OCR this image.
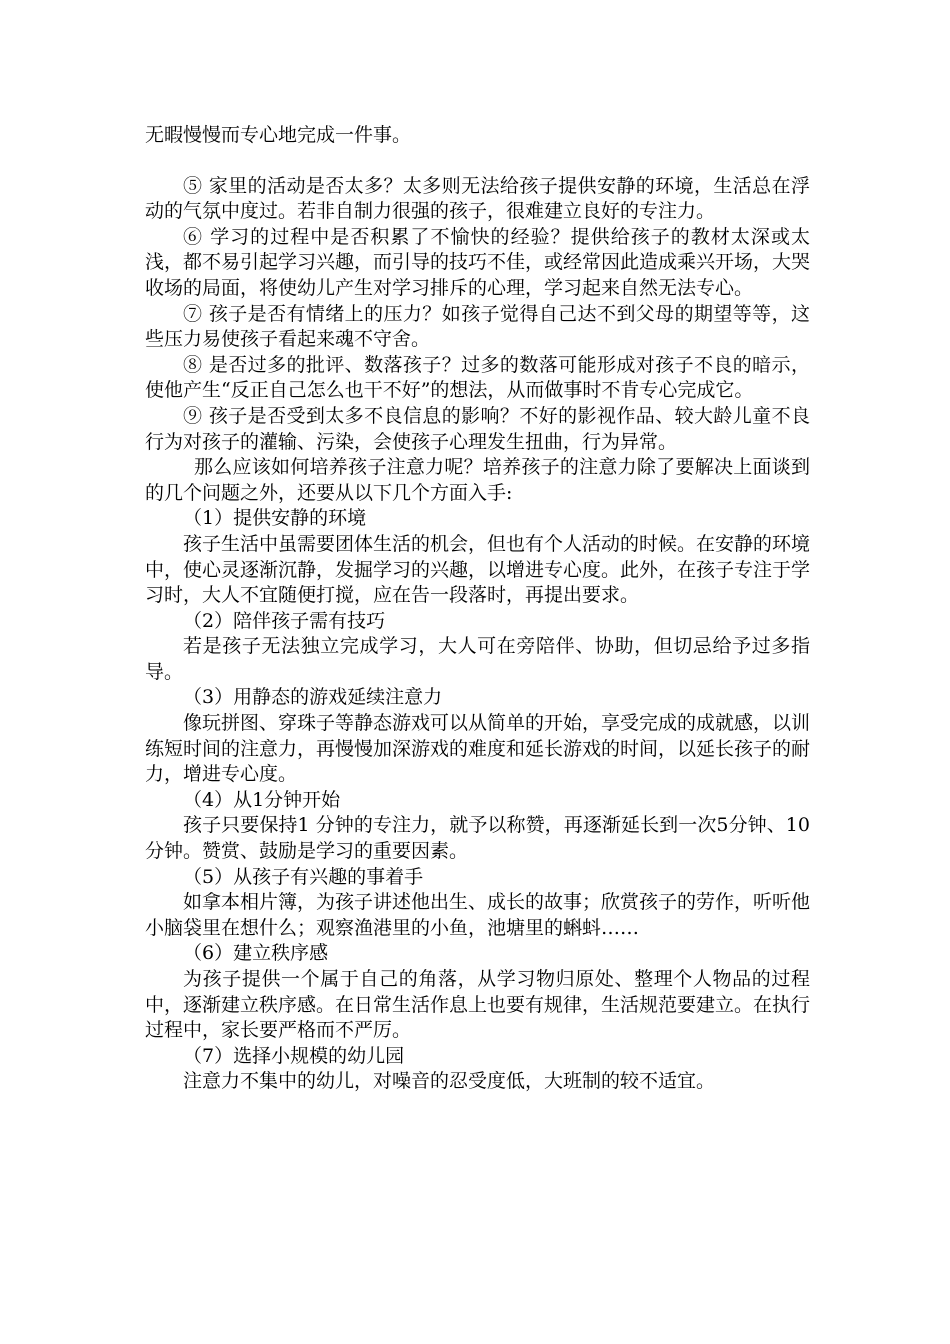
无暇慢慢而专心地完成一件事。

⑤ 家里的活动是否太多？太多则无法给孩子提供安静的环境，生活总在浮动的气氛中度过。若非自制力很强的孩子，很难建立良好的专注力。

⑥ 学习的过程中是否积累了不愉快的经验？提供给孩子的教材太深或太浅，都不易引起学习兴趣，而引导的技巧不佳，或经常因此造成乘兴开场，大哭收场的局面，将使幼儿产生对学习排斥的心理，学习起来自然无法专心。

⑦ 孩子是否有情绪上的压力？如孩子觉得自己达不到父母的期望等等，这些压力易使孩子看起来魂不守舍。

⑧ 是否过多的批评、数落孩子？过多的数落可能形成对孩子不良的暗示，使他产生“反正自己怎么也干不好”的想法，从而做事时不肯专心完成它。

⑨ 孩子是否受到太多不良信息的影响？不好的影视作品、较大龄儿童不良行为对孩子的灌输、污染，会使孩子心理发生扭曲，行为异常。

那么应该如何培养孩子注意力呢？培养孩子的注意力除了要解决上面谈到的几个问题之外，还要从以下几个方面入手:

（1）提供安静的环境

孩子生活中虽需要团体生活的机会，但也有个人活动的时候。在安静的环境中，使心灵逐渐沉静，发掘学习的兴趣，以增进专心度。此外，在孩子专注于学习时，大人不宜随便打搅，应在告一段落时，再提出要求。

（2）陪伴孩子需有技巧

若是孩子无法独立完成学习，大人可在旁陪伴、协助，但切忌给予过多指导。

（3）用静态的游戏延续注意力

像玩拼图、穿珠子等静态游戏可以从简单的开始，享受完成的成就感，以训练短时间的注意力，再慢慢加深游戏的难度和延长游戏的时间，以延长孩子的耐力，增进专心度。

（4）从1分钟开始

孩子只要保持1 分钟的专注力，就予以称赞，再逐渐延长到一次5分钟、10分钟。赞赏、鼓励是学习的重要因素。

（5）从孩子有兴趣的事着手

如拿本相片簿，为孩子讲述他出生、成长的故事；欣赏孩子的劳作，听听他小脑袋里在想什么；观察渔港里的小鱼，池塘里的蝌蚪……

（6）建立秩序感

为孩子提供一个属于自己的角落，从学习物归原处、整理个人物品的过程中，逐渐建立秩序感。在日常生活作息上也要有规律，生活规范要建立。在执行过程中，家长要严格而不严厉。

（7）选择小规模的幼儿园

注意力不集中的幼儿，对噪音的忍受度低，大班制的较不适宜。
